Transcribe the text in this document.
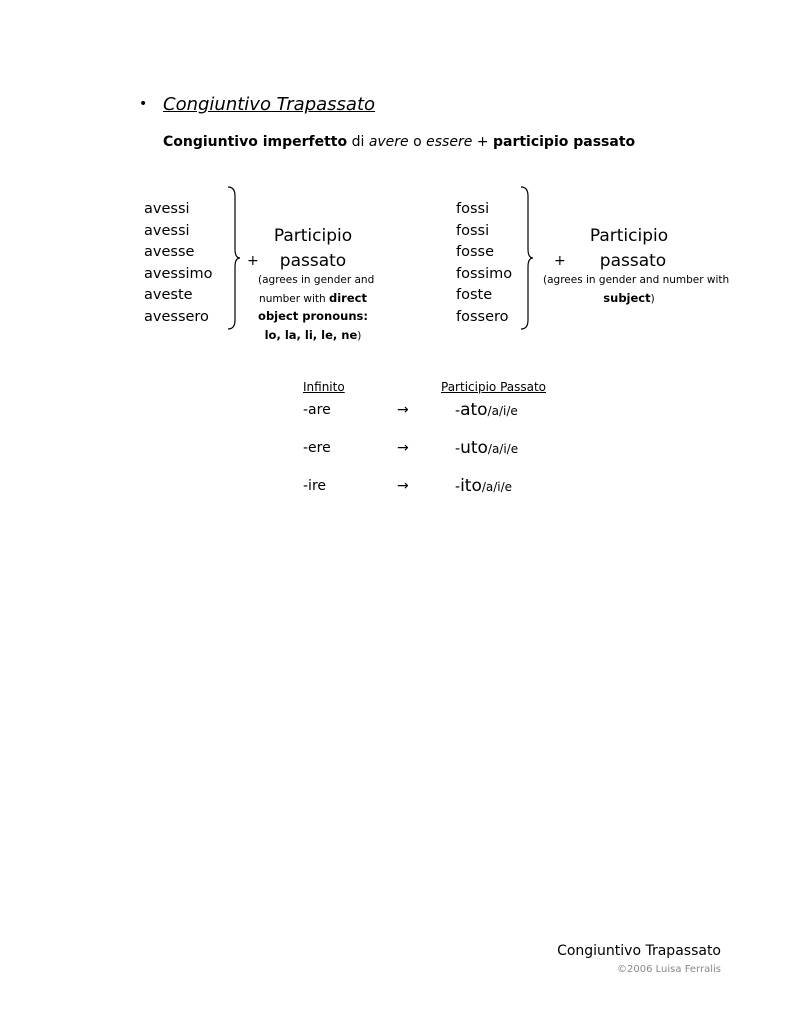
• Congiuntivo Trapassato
Congiuntivo imperfetto di avere o essere + participio passato
avessi
avessi
avesse
avessimo
aveste
avessero
+
Participio
passato
(agrees in gender and
number with direct
object pronouns:
lo, la, li, le, ne)
fossi
fossi
fosse
fossimo
foste
fossero
+
Participio
passato
(agrees in gender and number with
subject)
Infinito	Participio Passato
-are	→	-ato/a/i/e
-ere	→	-uto/a/i/e
-ire	→	-ito/a/i/e
Congiuntivo Trapassato
©2006 Luisa Ferralis
